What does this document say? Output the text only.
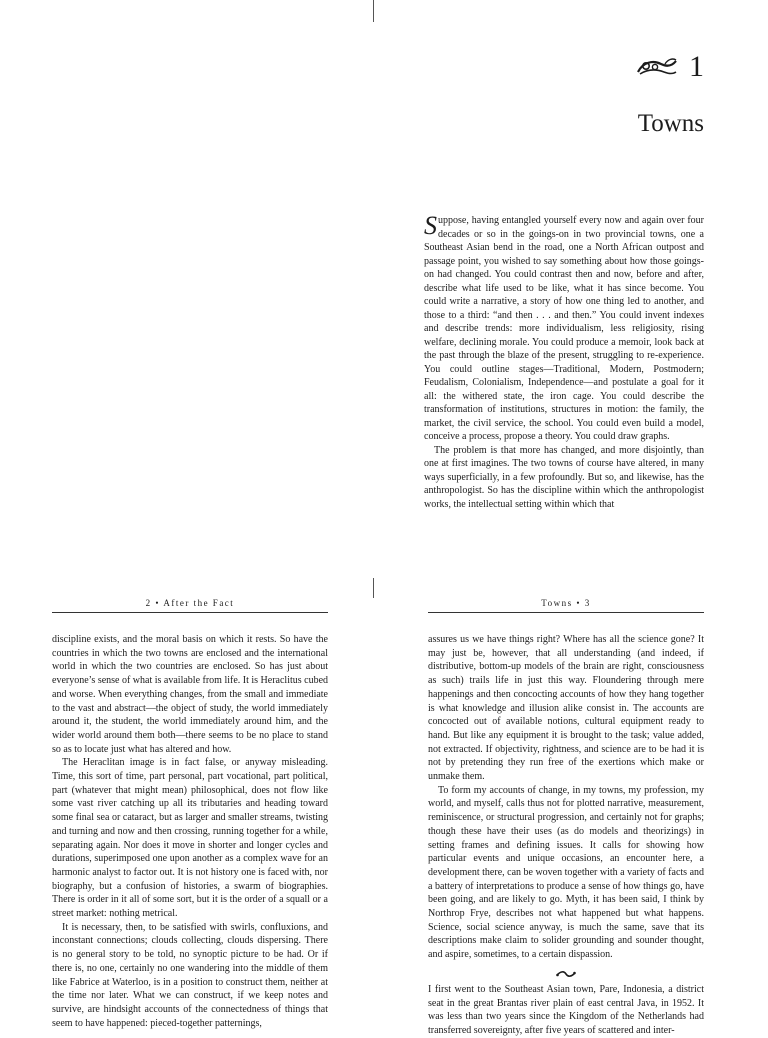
1
Towns

Suppose, having entangled yourself every now and again over four decades or so in the goings-on in two provincial towns, one a Southeast Asian bend in the road, one a North African outpost and passage point, you wished to say something about how those goings-on had changed. You could contrast then and now, before and after, describe what life used to be like, what it has since become. You could write a narrative, a story of how one thing led to another, and those to a third: “and then . . . and then.” You could invent indexes and describe trends: more individualism, less religiosity, rising welfare, declining morale. You could produce a memoir, look back at the past through the blaze of the present, struggling to re-experience. You could outline stages—Traditional, Modern, Postmodern; Feudalism, Colonialism, Independence—and postulate a goal for it all: the withered state, the iron cage. You could describe the transformation of institutions, structures in motion: the family, the market, the civil service, the school. You could even build a model, conceive a process, propose a theory. You could draw graphs.

The problem is that more has changed, and more disjointly, than one at first imagines. The two towns of course have altered, in many ways superficially, in a few profoundly. But so, and likewise, has the anthropologist. So has the discipline within which the anthropologist works, the intellectual setting within which that

2 • After the Fact

discipline exists, and the moral basis on which it rests. So have the countries in which the two towns are enclosed and the international world in which the two countries are enclosed. So has just about everyone’s sense of what is available from life. It is Heraclitus cubed and worse. When everything changes, from the small and immediate to the vast and abstract—the object of study, the world immediately around it, the student, the world immediately around him, and the wider world around them both—there seems to be no place to stand so as to locate just what has altered and how.

The Heraclitan image is in fact false, or anyway misleading. Time, this sort of time, part personal, part vocational, part political, part (whatever that might mean) philosophical, does not flow like some vast river catching up all its tributaries and heading toward some final sea or cataract, but as larger and smaller streams, twisting and turning and now and then crossing, running together for a while, separating again. Nor does it move in shorter and longer cycles and durations, superimposed one upon another as a complex wave for an harmonic analyst to factor out. It is not history one is faced with, nor biography, but a confusion of histories, a swarm of biographies. There is order in it all of some sort, but it is the order of a squall or a street market: nothing metrical.

It is necessary, then, to be satisfied with swirls, confluxions, and inconstant connections; clouds collecting, clouds dispersing. There is no general story to be told, no synoptic picture to be had. Or if there is, no one, certainly no one wandering into the middle of them like Fabrice at Waterloo, is in a position to construct them, neither at the time nor later. What we can construct, if we keep notes and survive, are hindsight accounts of the connectedness of things that seem to have happened: pieced-together patternings,

Towns • 3

assures us we have things right? Where has all the science gone? It may just be, however, that all understanding (and indeed, if distributive, bottom-up models of the brain are right, consciousness as such) trails life in just this way. Floundering through mere happenings and then concocting accounts of how they hang together is what knowledge and illusion alike consist in. The accounts are concocted out of available notions, cultural equipment ready to hand. But like any equipment it is brought to the task; value added, not extracted. If objectivity, rightness, and science are to be had it is not by pretending they run free of the exertions which make or unmake them.

To form my accounts of change, in my towns, my profession, my world, and myself, calls thus not for plotted narrative, measurement, reminiscence, or structural progression, and certainly not for graphs; though these have their uses (as do models and theorizings) in setting frames and defining issues. It calls for showing how particular events and unique occasions, an encounter here, a development there, can be woven together with a variety of facts and a battery of interpretations to produce a sense of how things go, have been going, and are likely to go. Myth, it has been said, I think by Northrop Frye, describes not what happened but what happens. Science, social science anyway, is much the same, save that its descriptions make claim to solider grounding and sounder thought, and aspire, sometimes, to a certain dispassion.

I first went to the Southeast Asian town, Pare, Indonesia, a district seat in the great Brantas river plain of east central Java, in 1952. It was less than two years since the Kingdom of the Netherlands had transferred sovereignty, after five years of scattered and inter-
